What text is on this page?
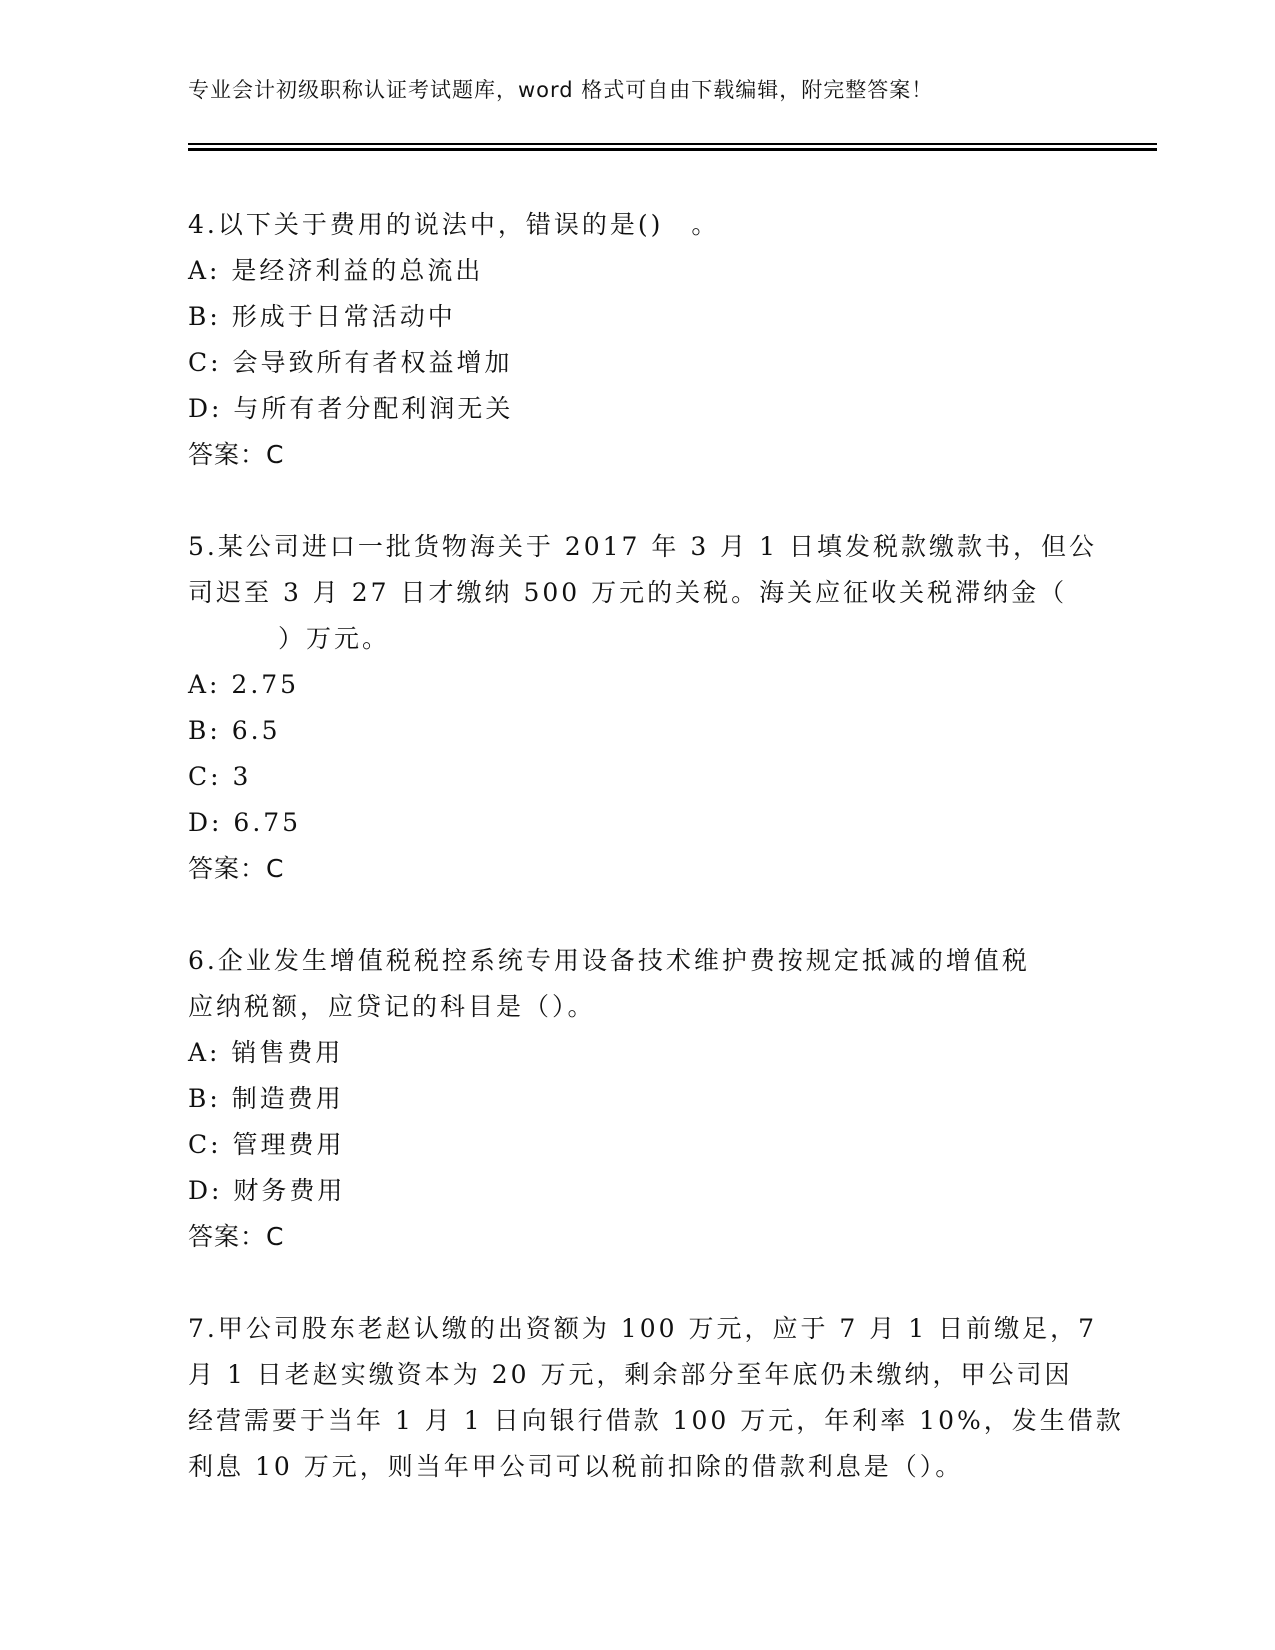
专业会计初级职称认证考试题库，word 格式可自由下载编辑，附完整答案！
4.以下关于费用的说法中，错误的是()　。
A: 是经济利益的总流出
B: 形成于日常活动中
C: 会导致所有者权益增加
D: 与所有者分配利润无关
答案：C
5.某公司进口一批货物海关于 2017 年 3 月 1 日填发税款缴款书，但公
司迟至 3 月 27 日才缴纳 500 万元的关税。海关应征收关税滞纳金（
）万元。
A: 2.75
B: 6.5
C: 3
D: 6.75
答案：C
6.企业发生增值税税控系统专用设备技术维护费按规定抵减的增值税
应纳税额，应贷记的科目是（）。
A: 销售费用
B: 制造费用
C: 管理费用
D: 财务费用
答案：C
7.甲公司股东老赵认缴的出资额为 100 万元，应于 7 月 1 日前缴足，7
月 1 日老赵实缴资本为 20 万元，剩余部分至年底仍未缴纳，甲公司因
经营需要于当年 1 月 1 日向银行借款 100 万元，年利率 10%，发生借款
利息 10 万元，则当年甲公司可以税前扣除的借款利息是（）。
